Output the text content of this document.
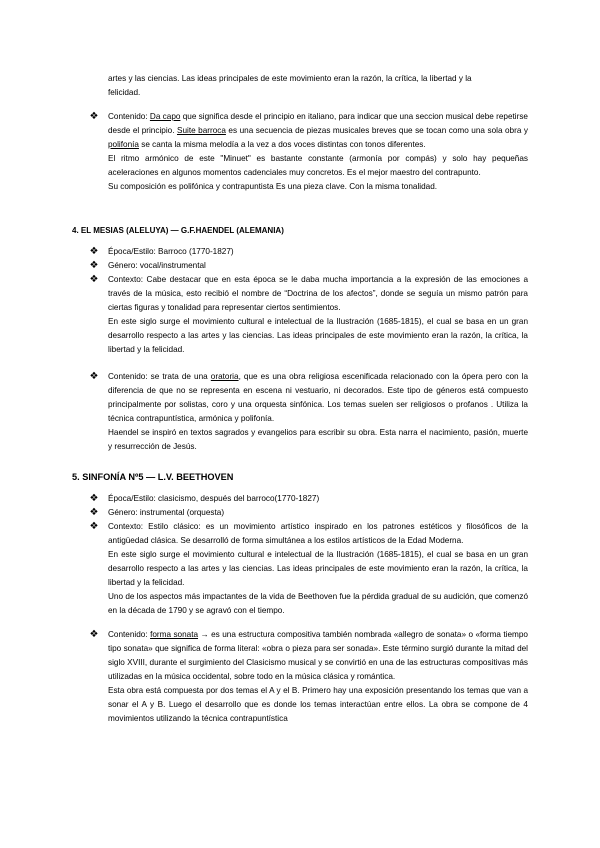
artes y las ciencias. Las ideas principales de este movimiento eran la razón, la crítica, la libertad y la
felicidad.
❖ Contenido: Da capo que significa desde el principio en italiano, para indicar que una seccion musical debe repetirse desde el principio. Suite barroca es una secuencia de piezas musicales breves que se tocan como una sola obra y polifonía se canta la misma melodía a la vez a dos voces distintas con tonos diferentes.
El ritmo armónico de este "Minuet" es bastante constante (armonía por compás) y solo hay pequeñas aceleraciones en algunos momentos cadenciales muy concretos. Es el mejor maestro del contrapunto.
Su composición es polifónica y contrapuntista Es una pieza clave. Con la misma tonalidad.
4. EL MESIAS (ALELUYA) — G.F.HAENDEL (ALEMANIA)
❖ Época/Estilo: Barroco (1770-1827)
❖ Género: vocal/instrumental
❖ Contexto: Cabe destacar que en esta época se le daba mucha importancia a la expresión de las emociones a través de la música, esto recibió el nombre de “Doctrina de los afectos”, donde se seguía un mismo patrón para ciertas figuras y tonalidad para representar ciertos sentimientos.
En este siglo surge el movimiento cultural e intelectual de la Ilustración (1685-1815), el cual se basa en un gran desarrollo respecto a las artes y las ciencias. Las ideas principales de este movimiento eran la razón, la crítica, la libertad y la felicidad.
❖ Contenido: se trata de una oratoria, que es una obra religiosa escenificada relacionado con la ópera pero con la diferencia de que no se representa en escena ni vestuario, ni decorados. Este tipo de géneros está compuesto principalmente por solistas, coro y una orquesta sinfónica. Los temas suelen ser religiosos o profanos . Utiliza la técnica contrapuntística, armónica y polifonía.
Haendel se inspiró en textos sagrados y evangelios para escribir su obra. Esta narra el nacimiento, pasión, muerte y resurrección de Jesús.
5. SINFONÍA Nº5 — L.V. BEETHOVEN
❖ Época/Estilo: clasicismo, después del barroco(1770-1827)
❖ Género: instrumental (orquesta)
❖ Contexto: Estilo clásico: es un movimiento artístico inspirado en los patrones estéticos y filosóficos de la antigüedad clásica. Se desarrolló de forma simultánea a los estilos artísticos de la Edad Moderna.
En este siglo surge el movimiento cultural e intelectual de la Ilustración (1685-1815), el cual se basa en un gran desarrollo respecto a las artes y las ciencias. Las ideas principales de este movimiento eran la razón, la crítica, la libertad y la felicidad.
Uno de los aspectos más impactantes de la vida de Beethoven fue la pérdida gradual de su audición, que comenzó en la década de 1790 y se agravó con el tiempo.
❖ Contenido: forma sonata → es una estructura compositiva también nombrada «allegro de sonata» o «forma tiempo tipo sonata» que significa de forma literal: «obra o pieza para ser sonada». Este término surgió durante la mitad del siglo XVIII, durante el surgimiento del Clasicismo musical y se convirtió en una de las estructuras compositivas más utilizadas en la música occidental, sobre todo en la música clásica y romántica.
Esta obra está compuesta por dos temas el A y el B. Primero hay una exposición presentando los temas que van a sonar el A y B. Luego el desarrollo que es donde los temas interactúan entre ellos. La obra se compone de 4 movimientos utilizando la técnica contrapuntística
